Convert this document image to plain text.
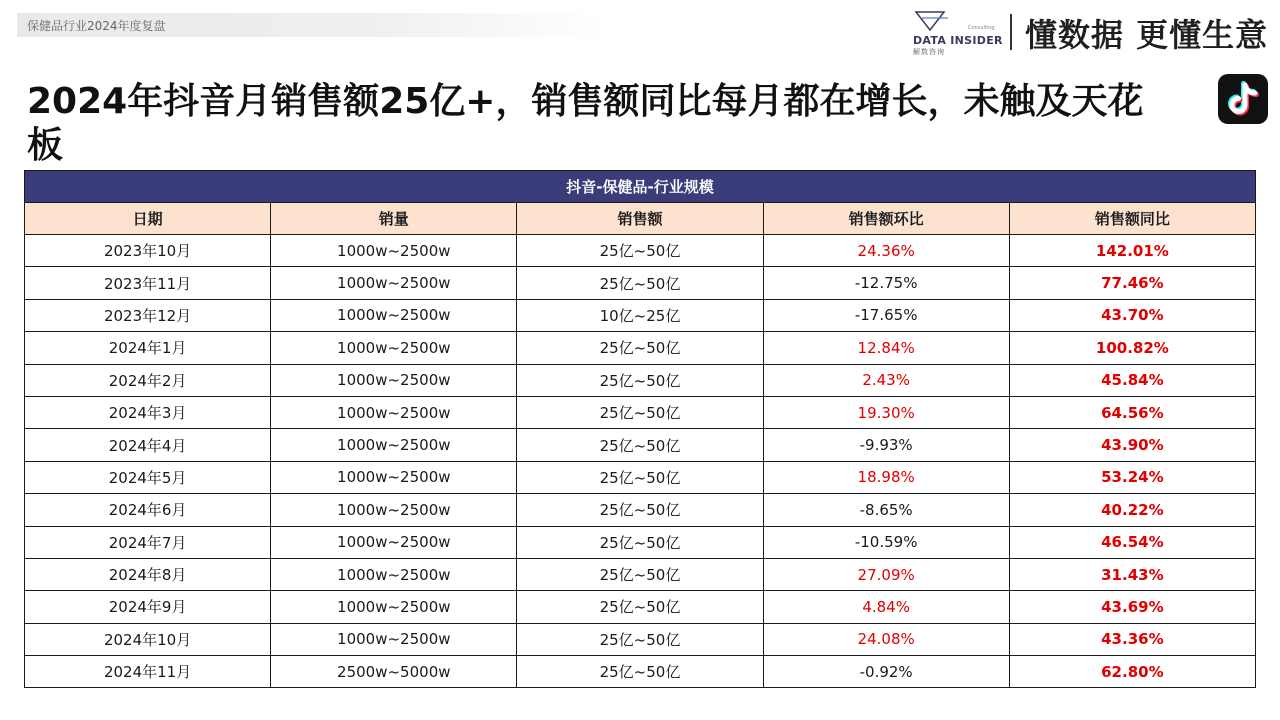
保健品行业2024年度复盘	Consulting
DATA INSIDER
解数咨询	懂数据 更懂生意
2024年抖音月销售额25亿+，销售额同比每月都在增长，未触及天花板
抖音-保健品-行业规模				
日期	销量	销售额	销售额环比	销售额同比
2023年10月	1000w~2500w	25亿~50亿	24.36%	142.01%
2023年11月	1000w~2500w	25亿~50亿	-12.75%	77.46%
2023年12月	1000w~2500w	10亿~25亿	-17.65%	43.70%
2024年1月	1000w~2500w	25亿~50亿	12.84%	100.82%
2024年2月	1000w~2500w	25亿~50亿	2.43%	45.84%
2024年3月	1000w~2500w	25亿~50亿	19.30%	64.56%
2024年4月	1000w~2500w	25亿~50亿	-9.93%	43.90%
2024年5月	1000w~2500w	25亿~50亿	18.98%	53.24%
2024年6月	1000w~2500w	25亿~50亿	-8.65%	40.22%
2024年7月	1000w~2500w	25亿~50亿	-10.59%	46.54%
2024年8月	1000w~2500w	25亿~50亿	27.09%	31.43%
2024年9月	1000w~2500w	25亿~50亿	4.84%	43.69%
2024年10月	1000w~2500w	25亿~50亿	24.08%	43.36%
2024年11月	2500w~5000w	25亿~50亿	-0.92%	62.80%
